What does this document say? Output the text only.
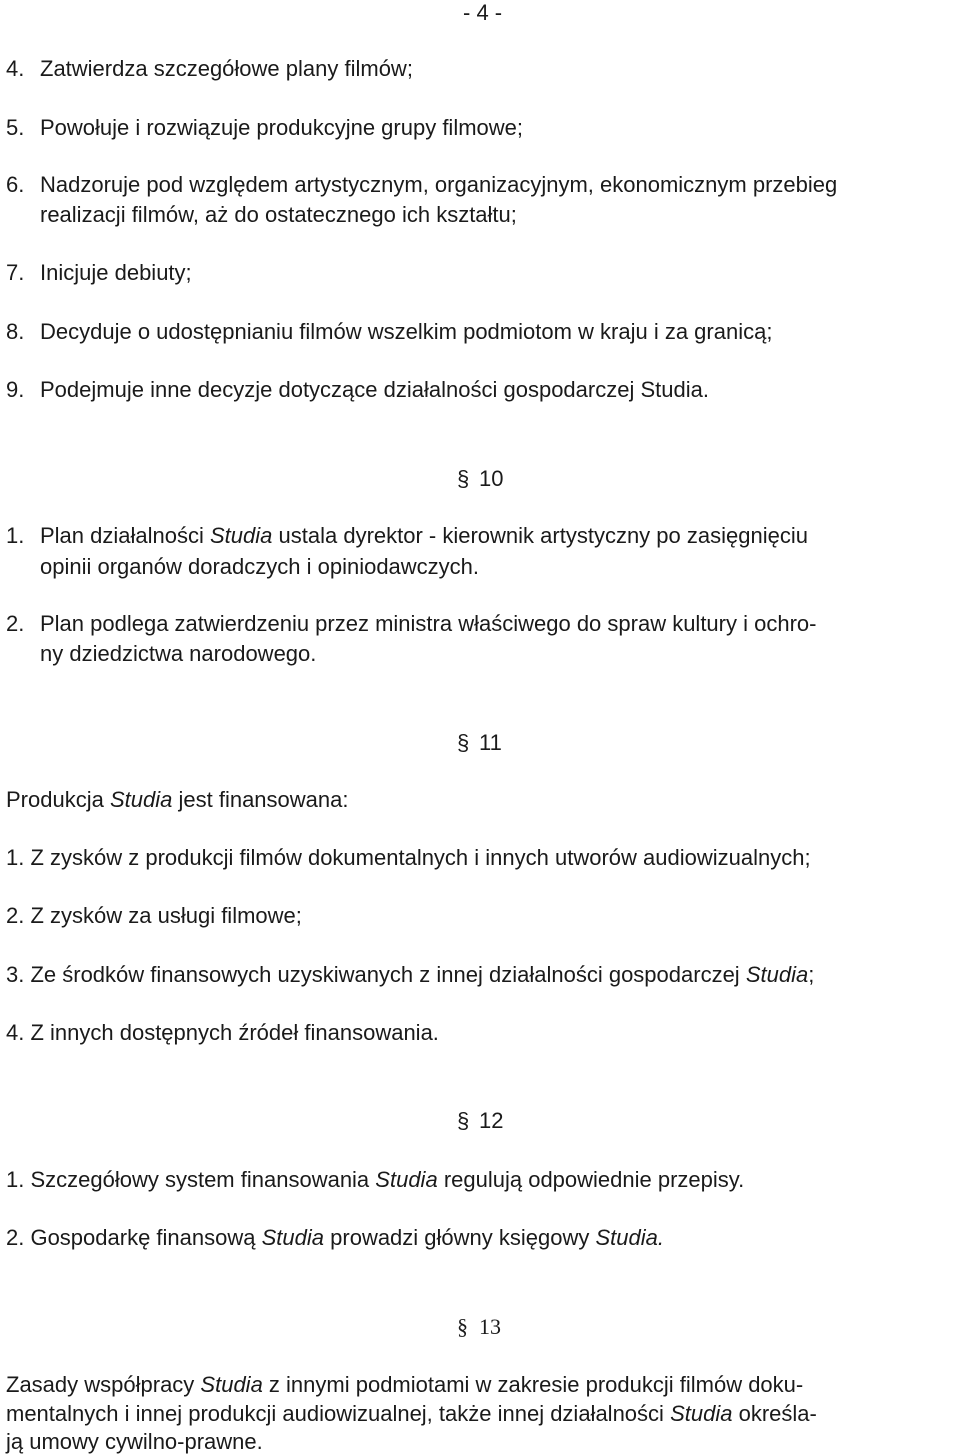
- 4 -
4. Zatwierdza szczegółowe plany filmów;
5. Powołuje i rozwiązuje produkcyjne grupy filmowe;
6. Nadzoruje pod względem artystycznym, organizacyjnym, ekonomicznym przebieg
realizacji filmów, aż do ostatecznego ich kształtu;
7. Inicjuje debiuty;
8. Decyduje o udostępnianiu filmów wszelkim podmiotom w kraju i za granicą;
9. Podejmuje inne decyzje dotyczące działalności gospodarczej Studia.
§ 10
1. Plan działalności Studia ustala dyrektor - kierownik artystyczny po zasięgnięciu
opinii organów doradczych i opiniodawczych.
2. Plan podlega zatwierdzeniu przez ministra właściwego do spraw kultury i ochro-
ny dziedzictwa narodowego.
§ 11
Produkcja Studia jest finansowana:
1. Z zysków z produkcji filmów dokumentalnych i innych utworów audiowizualnych;
2. Z zysków za usługi filmowe;
3. Ze środków finansowych uzyskiwanych z innej działalności gospodarczej Studia;
4. Z innych dostępnych źródeł finansowania.
§ 12
1. Szczegółowy system finansowania Studia regulują odpowiednie przepisy.
2. Gospodarkę finansową Studia prowadzi główny księgowy Studia.
§ 13
Zasady współpracy Studia z innymi podmiotami w zakresie produkcji filmów doku-
mentalnych i innej produkcji audiowizualnej, także innej działalności Studia określa-
ją umowy cywilno-prawne.
